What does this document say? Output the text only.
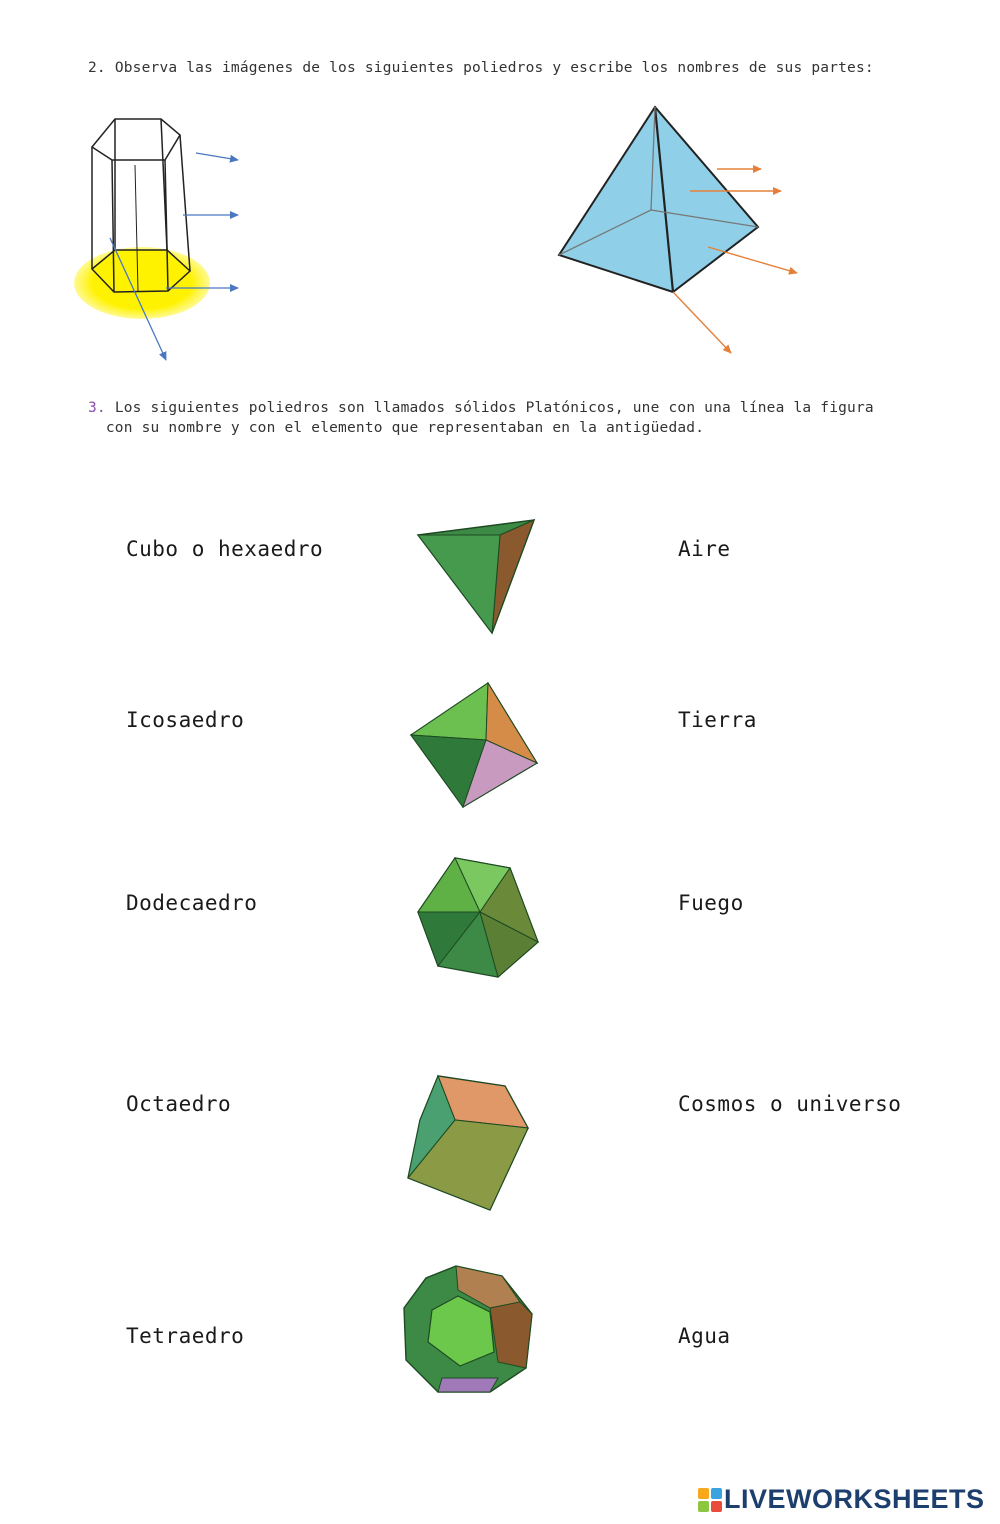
2. Observa las imágenes de los siguientes poliedros y escribe los nombres de sus partes:
3. Los siguientes poliedros son llamados sólidos Platónicos, une con una línea la figura
con su nombre y con el elemento que representaban en la antigüedad.
Cubo o hexaedro
Icosaedro
Dodecaedro
Octaedro
Tetraedro
Aire
Tierra
Fuego
Cosmos o universo
Agua
LIVEWORKSHEETS
